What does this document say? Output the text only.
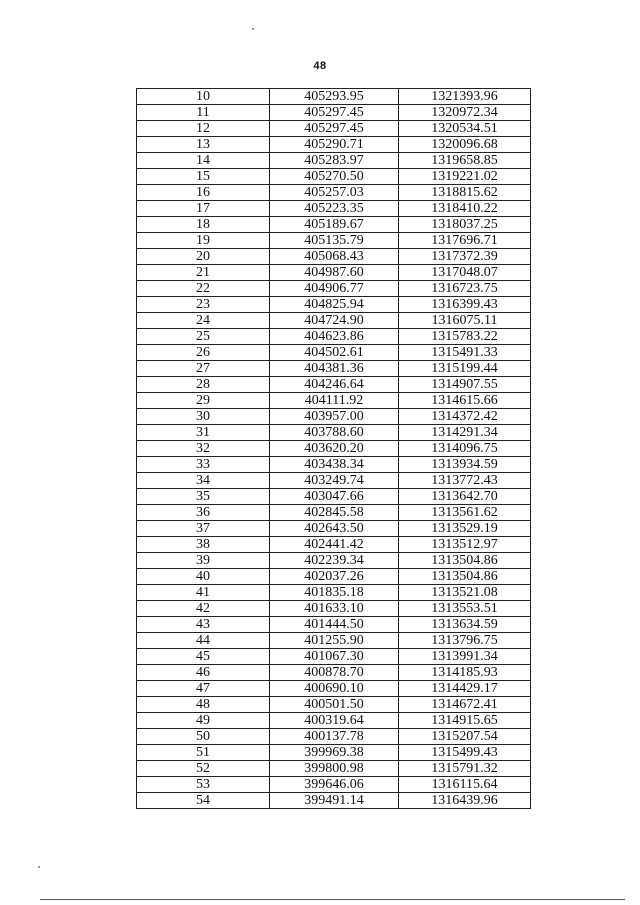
48
10	405293.95	1321393.96
11	405297.45	1320972.34
12	405297.45	1320534.51
13	405290.71	1320096.68
14	405283.97	1319658.85
15	405270.50	1319221.02
16	405257.03	1318815.62
17	405223.35	1318410.22
18	405189.67	1318037.25
19	405135.79	1317696.71
20	405068.43	1317372.39
21	404987.60	1317048.07
22	404906.77	1316723.75
23	404825.94	1316399.43
24	404724.90	1316075.11
25	404623.86	1315783.22
26	404502.61	1315491.33
27	404381.36	1315199.44
28	404246.64	1314907.55
29	404111.92	1314615.66
30	403957.00	1314372.42
31	403788.60	1314291.34
32	403620.20	1314096.75
33	403438.34	1313934.59
34	403249.74	1313772.43
35	403047.66	1313642.70
36	402845.58	1313561.62
37	402643.50	1313529.19
38	402441.42	1313512.97
39	402239.34	1313504.86
40	402037.26	1313504.86
41	401835.18	1313521.08
42	401633.10	1313553.51
43	401444.50	1313634.59
44	401255.90	1313796.75
45	401067.30	1313991.34
46	400878.70	1314185.93
47	400690.10	1314429.17
48	400501.50	1314672.41
49	400319.64	1314915.65
50	400137.78	1315207.54
51	399969.38	1315499.43
52	399800.98	1315791.32
53	399646.06	1316115.64
54	399491.14	1316439.96
